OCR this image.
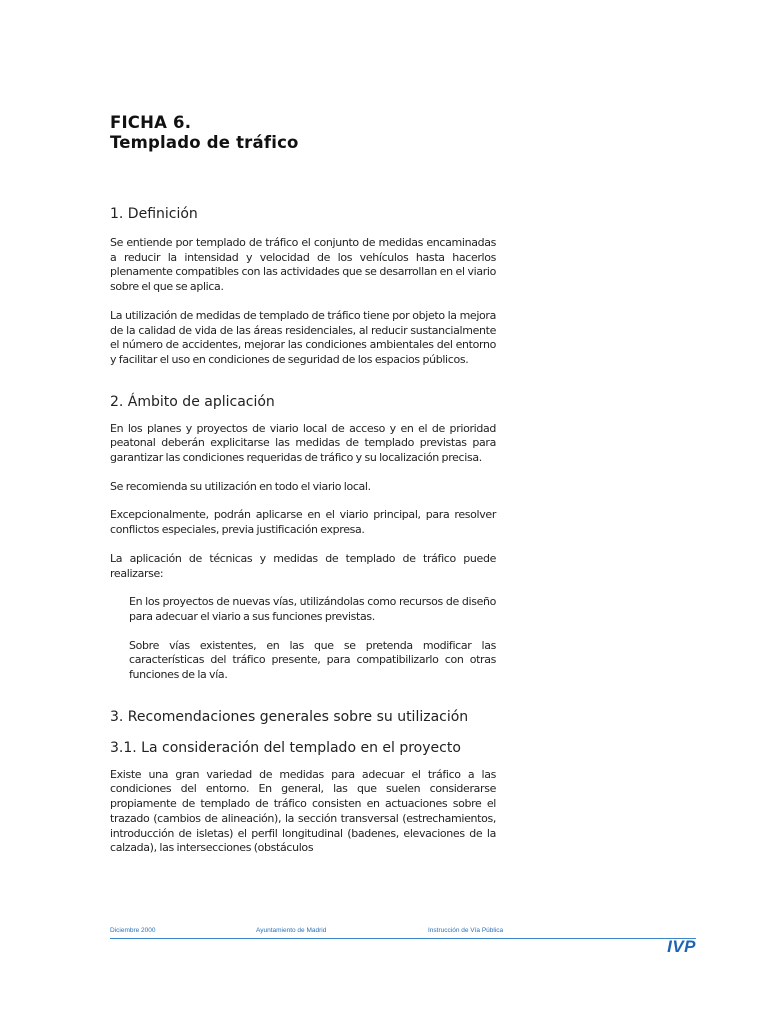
FICHA 6.
Templado de tráfico
1. Definición

Se entiende por templado de tráfico el conjunto de medidas encaminadas a reducir la intensidad y velocidad de los vehículos hasta hacerlos plenamente compatibles con las actividades que se desarrollan en el viario sobre el que se aplica.

La utilización de medidas de templado de tráfico tiene por objeto la mejora de la calidad de vida de las áreas residenciales, al reducir sustancialmente el número de accidentes, mejorar las condiciones ambientales del entorno y facilitar el uso en condiciones de seguridad de los espacios públicos.

2. Ámbito de aplicación

En los planes y proyectos de viario local de acceso y en el de prioridad peatonal deberán explicitarse las medidas de templado previstas para garantizar las condiciones requeridas de tráfico y su localización precisa.

Se recomienda su utilización en todo el viario local.

Excepcionalmente, podrán aplicarse en el viario principal, para resolver conflictos especiales, previa justificación expresa.

La aplicación de técnicas y medidas de templado de tráfico puede realizarse:

En los proyectos de nuevas vías, utilizándolas como recursos de diseño para adecuar el viario a sus funciones previstas.

Sobre vías existentes, en las que se pretenda modificar las características del tráfico presente, para compatibilizarlo con otras funciones de la vía.

3. Recomendaciones generales sobre su utilización
3.1. La consideración del templado en el proyecto

Existe una gran variedad de medidas para adecuar el tráfico a las condiciones del entorno. En general, las que suelen considerarse propiamente de templado de tráfico consisten en actuaciones sobre el trazado (cambios de alineación), la sección transversal (estrechamientos, introducción de isletas) el perfil longitudinal (badenes, elevaciones de la calzada), las intersecciones (obstáculos

Diciembre 2000	Ayuntamiento de Madrid	Instrucción de Vía Pública
IVP
